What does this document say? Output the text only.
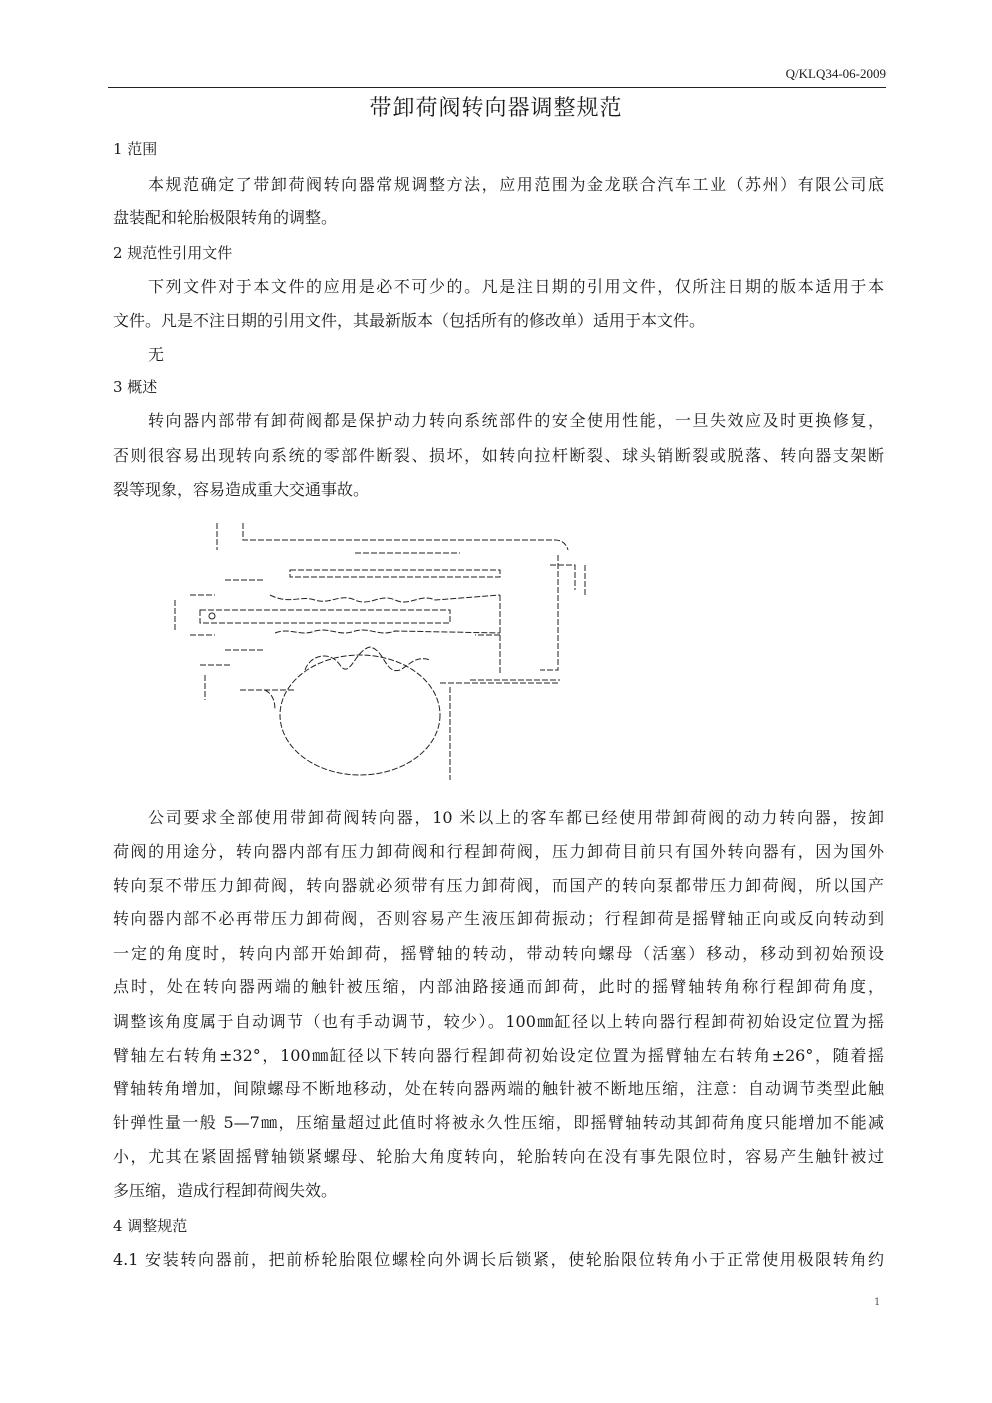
Q/KLQ34-06-2009
带卸荷阀转向器调整规范
1 范围
本规范确定了带卸荷阀转向器常规调整方法，应用范围为金龙联合汽车工业（苏州）有限公司底
盘装配和轮胎极限转角的调整。
2 规范性引用文件
下列文件对于本文件的应用是必不可少的。凡是注日期的引用文件，仅所注日期的版本适用于本
文件。凡是不注日期的引用文件，其最新版本（包括所有的修改单）适用于本文件。
无
3 概述
转向器内部带有卸荷阀都是保护动力转向系统部件的安全使用性能，一旦失效应及时更换修复，
否则很容易出现转向系统的零部件断裂、损坏，如转向拉杆断裂、球头销断裂或脱落、转向器支架断
裂等现象，容易造成重大交通事故。
公司要求全部使用带卸荷阀转向器，10 米以上的客车都已经使用带卸荷阀的动力转向器，按卸
荷阀的用途分，转向器内部有压力卸荷阀和行程卸荷阀，压力卸荷目前只有国外转向器有，因为国外
转向泵不带压力卸荷阀，转向器就必须带有压力卸荷阀，而国产的转向泵都带压力卸荷阀，所以国产
转向器内部不必再带压力卸荷阀，否则容易产生液压卸荷振动；行程卸荷是摇臂轴正向或反向转动到
一定的角度时，转向内部开始卸荷，摇臂轴的转动，带动转向螺母（活塞）移动，移动到初始预设
点时，处在转向器两端的触针被压缩，内部油路接通而卸荷，此时的摇臂轴转角称行程卸荷角度，
调整该角度属于自动调节（也有手动调节，较少）。100㎜缸径以上转向器行程卸荷初始设定位置为摇
臂轴左右转角±32°，100㎜缸径以下转向器行程卸荷初始设定位置为摇臂轴左右转角±26°，随着摇
臂轴转角增加，间隙螺母不断地移动，处在转向器两端的触针被不断地压缩，注意：自动调节类型此触
针弹性量一般 5—7㎜，压缩量超过此值时将被永久性压缩，即摇臂轴转动其卸荷角度只能增加不能减
小，尤其在紧固摇臂轴锁紧螺母、轮胎大角度转向，轮胎转向在没有事先限位时，容易产生触针被过
多压缩，造成行程卸荷阀失效。
4 调整规范
4.1 安装转向器前，把前桥轮胎限位螺栓向外调长后锁紧，使轮胎限位转角小于正常使用极限转角约
1
